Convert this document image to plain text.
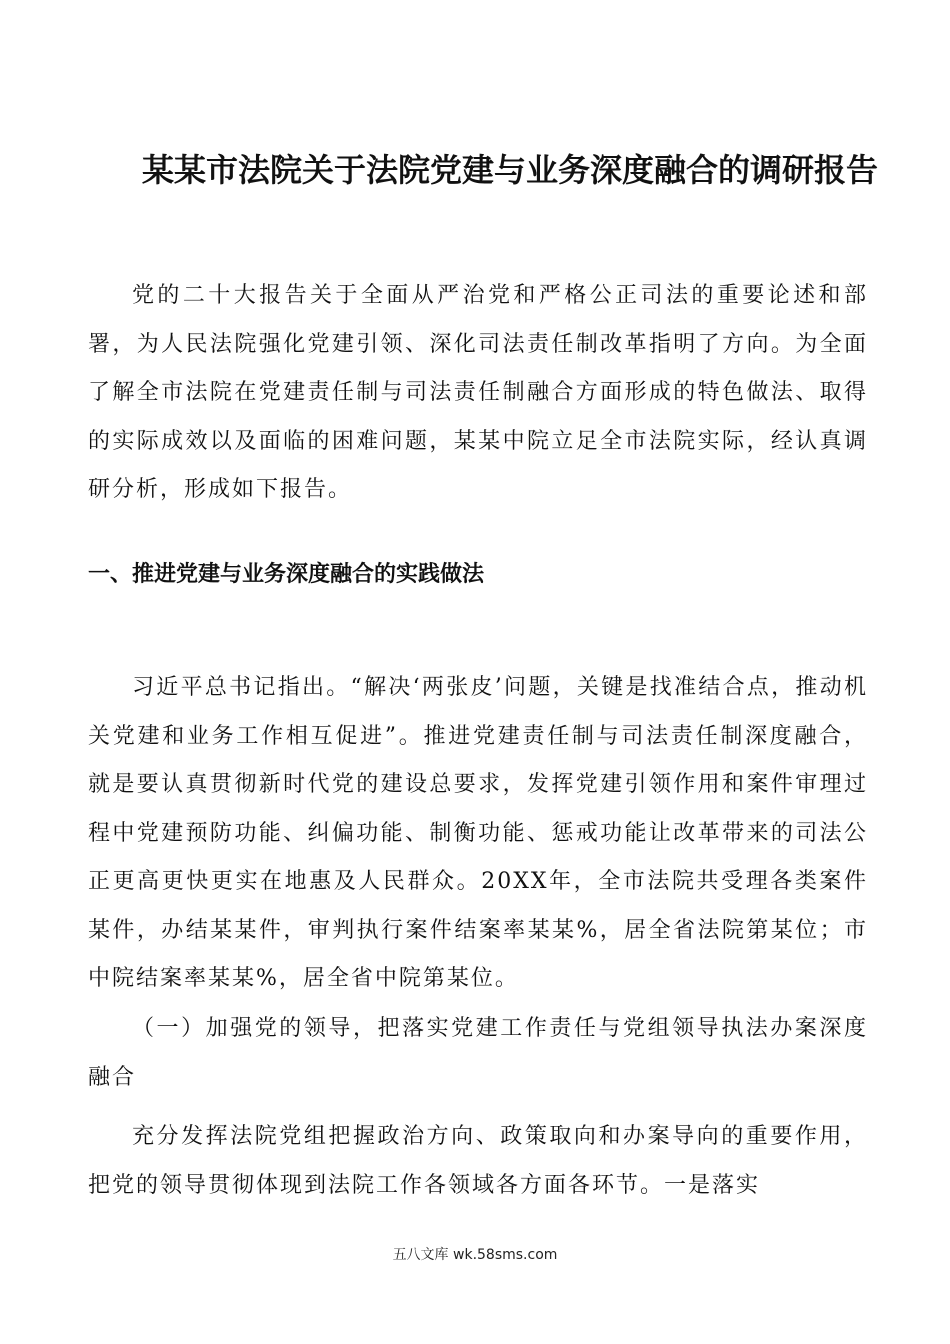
某某市法院关于法院党建与业务深度融合的调研报告

党的二十大报告关于全面从严治党和严格公正司法的重要论述和部署，为人民法院强化党建引领、深化司法责任制改革指明了方向。为全面了解全市法院在党建责任制与司法责任制融合方面形成的特色做法、取得的实际成效以及面临的困难问题，某某中院立足全市法院实际，经认真调研分析，形成如下报告。

一、推进党建与业务深度融合的实践做法

习近平总书记指出。“解决‘两张皮’问题，关键是找准结合点，推动机关党建和业务工作相互促进”。推进党建责任制与司法责任制深度融合，就是要认真贯彻新时代党的建设总要求，发挥党建引领作用和案件审理过程中党建预防功能、纠偏功能、制衡功能、惩戒功能让改革带来的司法公正更高更快更实在地惠及人民群众。20XX年，全市法院共受理各类案件某件，办结某某件，审判执行案件结案率某某%，居全省法院第某位；市中院结案率某某%，居全省中院第某位。

（一）加强党的领导，把落实党建工作责任与党组领导执法办案深度融合

充分发挥法院党组把握政治方向、政策取向和办案导向的重要作用，把党的领导贯彻体现到法院工作各领域各方面各环节。一是落实

五八文库 wk.58sms.com
